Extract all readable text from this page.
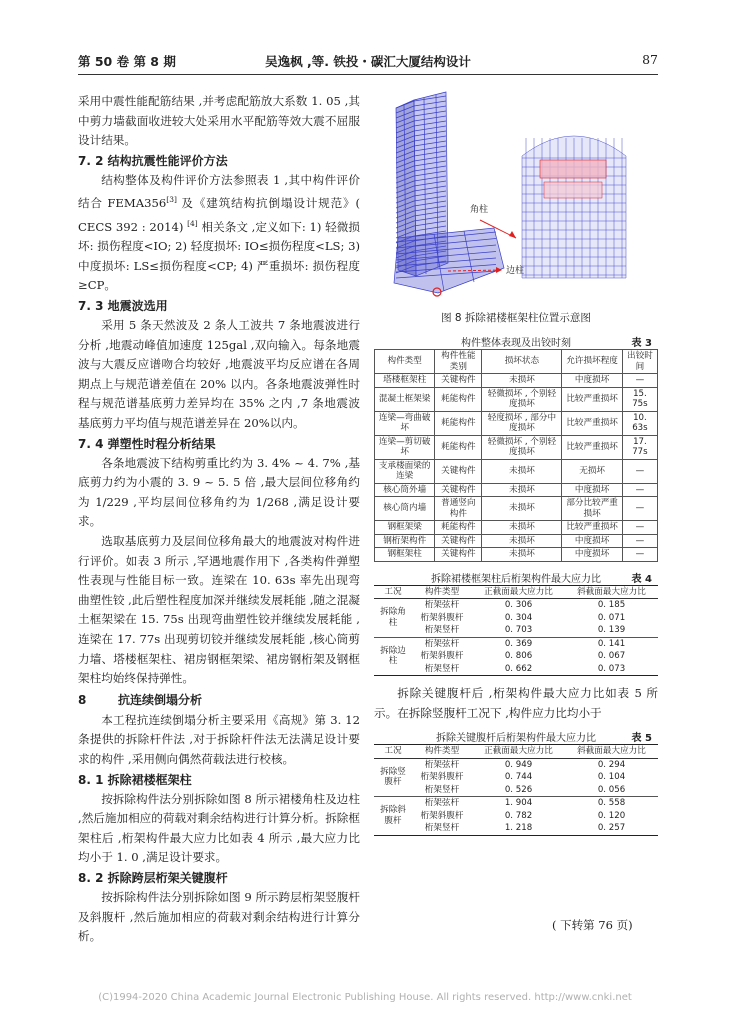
第 50 卷 第 8 期	吴逸枫 ,等. 铁投・碳汇大厦结构设计	87

采用中震性能配筋结果 ,并考虑配筋放大系数 1. 05 ,其中剪力墙截面收进较大处采用水平配筋等效大震不屈服设计结果。

7. 2 结构抗震性能评价方法

结构整体及构件评价方法参照表 1 ,其中构件评价结合 FEMA356[3] 及《建筑结构抗倒塌设计规范》( CECS 392 : 2014) [4] 相关条文 ,定义如下: 1) 轻微损坏: 损伤程度<IO; 2) 轻度损坏: IO≤损伤程度<LS; 3) 中度损坏: LS≤损伤程度<CP; 4) 严重损坏: 损伤程度≥CP。

7. 3 地震波选用

采用 5 条天然波及 2 条人工波共 7 条地震波进行分析 ,地震动峰值加速度 125gal ,双向输入。每条地震波与大震反应谱吻合均较好 ,地震波平均反应谱在各周期点上与规范谱差值在 20% 以内。各条地震波弹性时程与规范谱基底剪力差异均在 35% 之内 ,7 条地震波基底剪力平均值与规范谱差异在 20%以内。

7. 4 弹塑性时程分析结果

各条地震波下结构剪重比约为 3. 4% ~ 4. 7% ,基底剪力约为小震的 3. 9 ~ 5. 5 倍 ,最大层间位移角约为 1/229 ,平均层间位移角约为 1/268 ,满足设计要求。

选取基底剪力及层间位移角最大的地震波对构件进行评价。如表 3 所示 ,罕遇地震作用下 ,各类构件弹塑性表现与性能目标一致。连梁在 10. 63s 率先出现弯曲塑性铰 ,此后塑性程度加深并继续发展耗能 ,随之混凝土框架梁在 15. 75s 出现弯曲塑性铰并继续发展耗能 ,连梁在 17. 77s 出现剪切铰并继续发展耗能 ,核心筒剪力墙、塔楼框架柱、裙房钢框架梁、裙房钢桁架及钢框架柱均始终保持弹性。

8	抗连续倒塌分析

本工程抗连续倒塌分析主要采用《高规》第 3. 12 条提供的拆除杆件法 ,对于拆除杆件法无法满足设计要求的构件 ,采用侧向偶然荷载法进行校核。

8. 1 拆除裙楼框架柱

按拆除构件法分别拆除如图 8 所示裙楼角柱及边柱 ,然后施加相应的荷载对剩余结构进行计算分析。拆除框架柱后 ,桁架构件最大应力比如表 4 所示 ,最大应力比均小于 1. 0 ,满足设计要求。

8. 2 拆除跨层桁架关键腹杆

按拆除构件法分别拆除如图 9 所示跨层桁架竖腹杆及斜腹杆 ,然后施加相应的荷载对剩余结构进行计算分析。

角柱
边柱
图 8 拆除裙楼框架柱位置示意图
构件整体表现及出铰时刻	表 3
构件类型	构件性能类别	损坏状态	允许损坏程度	出铰时间
塔楼框架柱	关键构件	未损坏	中度损坏	—
混凝土框架梁	耗能构件	轻微损坏 , 个别轻度损坏	比较严重损坏	15. 75s
连梁—弯曲破坏	耗能构件	轻度损坏 , 部分中度损坏	比较严重损坏	10. 63s
连梁—剪切破坏	耗能构件	轻微损坏 , 个别轻度损坏	比较严重损坏	17. 77s
支承楼面梁的连梁	关键构件	未损坏	无损坏	—
核心筒外墙	关键构件	未损坏	中度损坏	—
核心筒内墙	普通竖向构件	未损坏	部分比较严重损坏	—
钢框架梁	耗能构件	未损坏	比较严重损坏	—
钢桁架构件	关键构件	未损坏	中度损坏	—
钢框架柱	关键构件	未损坏	中度损坏	—
拆除裙楼框架柱后桁架构件最大应力比	表 4
工况	构件类型	正截面最大应力比	斜截面最大应力比
拆除角柱	桁架弦杆	0. 306	0. 185
	桁架斜腹杆	0. 304	0. 071
	桁架竖杆	0. 703	0. 139
拆除边柱	桁架弦杆	0. 369	0. 141
	桁架斜腹杆	0. 806	0. 067
	桁架竖杆	0. 662	0. 073

拆除关键腹杆后 ,桁架构件最大应力比如表 5 所示。在拆除竖腹杆工况下 ,构件应力比均小于

拆除关键腹杆后桁架构件最大应力比	表 5
工况	构件类型	正截面最大应力比	斜截面最大应力比
拆除竖腹杆	桁架弦杆	0. 949	0. 294
	桁架斜腹杆	0. 744	0. 104
	桁架竖杆	0. 526	0. 056
拆除斜腹杆	桁架弦杆	1. 904	0. 558
	桁架斜腹杆	0. 782	0. 120
	桁架竖杆	1. 218	0. 257
( 下转第 76 页)
(C)1994-2020 China Academic Journal Electronic Publishing House. All rights reserved. http://www.cnki.net
